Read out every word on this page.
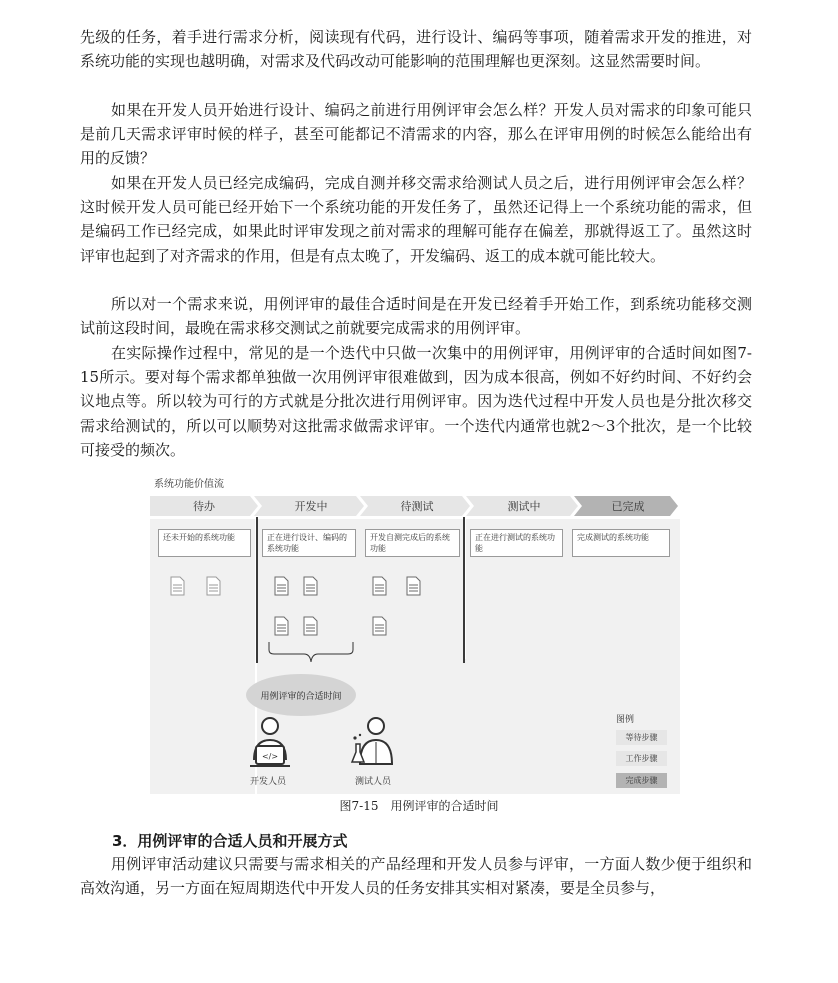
先级的任务，着手进行需求分析，阅读现有代码，进行设计、编码等事项，随着需求开发的推进，对系统功能的实现也越明确，对需求及代码改动可能影响的范围理解也更深刻。这显然需要时间。

如果在开发人员开始进行设计、编码之前进行用例评审会怎么样？开发人员对需求的印象可能只是前几天需求评审时候的样子，甚至可能都记不清需求的内容，那么在评审用例的时候怎么能给出有用的反馈？

如果在开发人员已经完成编码，完成自测并移交需求给测试人员之后，进行用例评审会怎么样？这时候开发人员可能已经开始下一个系统功能的开发任务了，虽然还记得上一个系统功能的需求，但是编码工作已经完成，如果此时评审发现之前对需求的理解可能存在偏差，那就得返工了。虽然这时评审也起到了对齐需求的作用，但是有点太晚了，开发编码、返工的成本就可能比较大。

所以对一个需求来说，用例评审的最佳合适时间是在开发已经着手开始工作，到系统功能移交测试前这段时间，最晚在需求移交测试之前就要完成需求的用例评审。

在实际操作过程中，常见的是一个迭代中只做一次集中的用例评审，用例评审的合适时间如图7-15所示。要对每个需求都单独做一次用例评审很难做到，因为成本很高，例如不好约时间、不好约会议地点等。所以较为可行的方式就是分批次进行用例评审。因为迭代过程中开发人员也是分批次移交需求给测试的，所以可以顺势对这批需求做需求评审。一个迭代内通常也就2～3个批次，是一个比较可接受的频次。

系统功能价值流
待办	开发中	待测试	测试中	已完成
还未开始的系统功能	正在进行设计、编码的系统功能
开发自测完成后的系统功能
正在进行测试的系统功能
完成测试的系统功能
用例评审的合适时间
</>
开发人员	测试人员
图例
等待步骤
工作步骤
完成步骤
图7-15　用例评审的合适时间
3．用例评审的合适人员和开展方式

用例评审活动建议只需要与需求相关的产品经理和开发人员参与评审，一方面人数少便于组织和高效沟通，另一方面在短周期迭代中开发人员的任务安排其实相对紧凑，要是全员参与，
